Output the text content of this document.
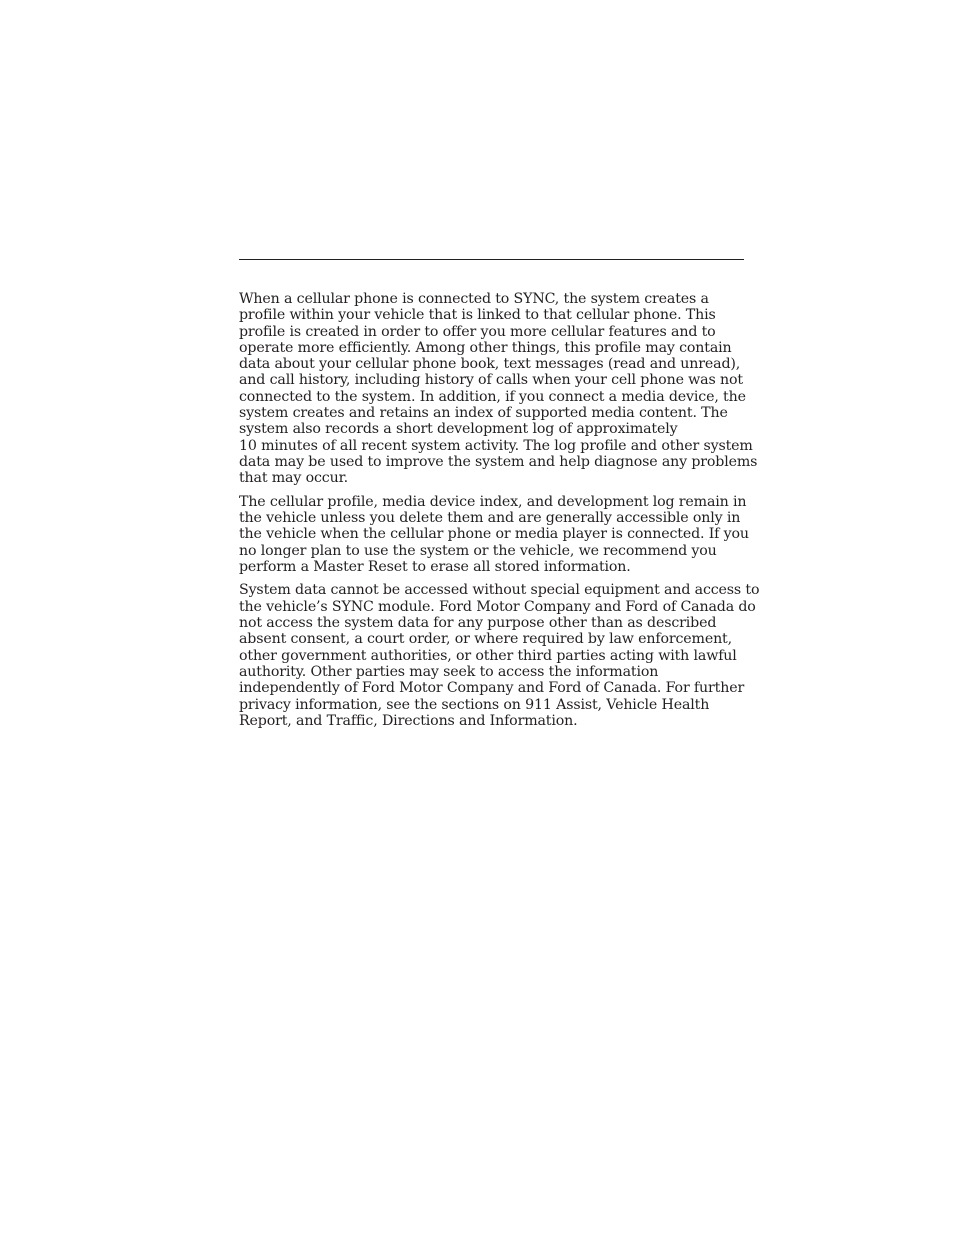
When a cellular phone is connected to SYNC, the system creates a
profile within your vehicle that is linked to that cellular phone. This
profile is created in order to offer you more cellular features and to
operate more efficiently. Among other things, this profile may contain
data about your cellular phone book, text messages (read and unread),
and call history, including history of calls when your cell phone was not
connected to the system. In addition, if you connect a media device, the
system creates and retains an index of supported media content. The
system also records a short development log of approximately
10 minutes of all recent system activity. The log profile and other system
data may be used to improve the system and help diagnose any problems
that may occur.

The cellular profile, media device index, and development log remain in
the vehicle unless you delete them and are generally accessible only in
the vehicle when the cellular phone or media player is connected. If you
no longer plan to use the system or the vehicle, we recommend you
perform a Master Reset to erase all stored information.

System data cannot be accessed without special equipment and access to
the vehicle’s SYNC module. Ford Motor Company and Ford of Canada do
not access the system data for any purpose other than as described
absent consent, a court order, or where required by law enforcement,
other government authorities, or other third parties acting with lawful
authority. Other parties may seek to access the information
independently of Ford Motor Company and Ford of Canada. For further
privacy information, see the sections on 911 Assist, Vehicle Health
Report, and Traffic, Directions and Information.
